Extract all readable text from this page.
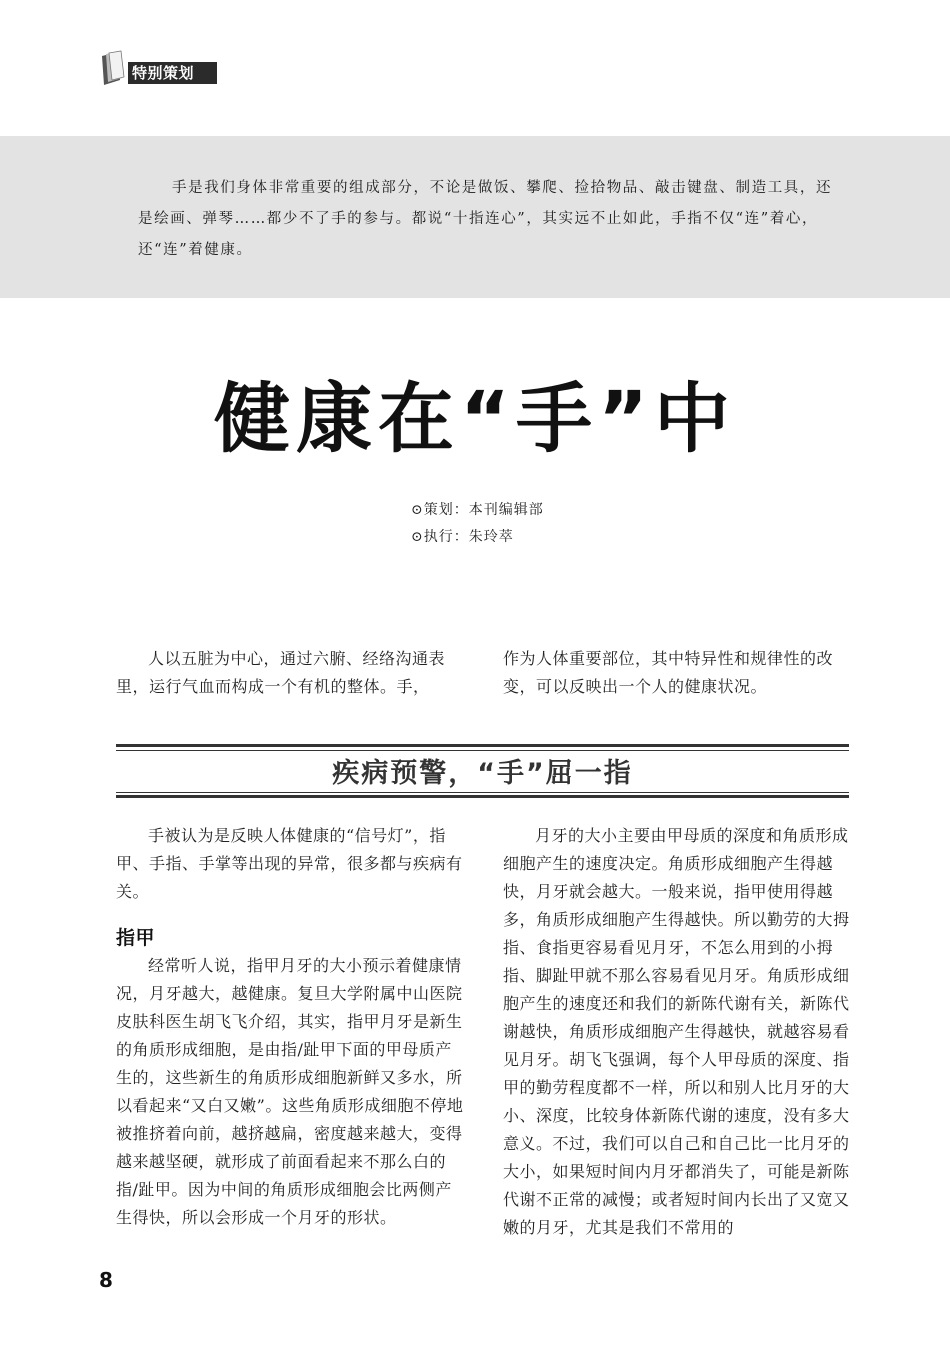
特别策划

手是我们身体非常重要的组成部分，不论是做饭、攀爬、捡拾物品、敲击键盘、制造工具，还是绘画、弹琴……都少不了手的参与。都说“十指连心”，其实远不止如此，手指不仅“连”着心，还“连”着健康。

健康在“手”中
⊙策划：本刊编辑部
⊙执行：朱玲萃

人以五脏为中心，通过六腑、经络沟通表里，运行气血而构成一个有机的整体。手，

作为人体重要部位，其中特异性和规律性的改变，可以反映出一个人的健康状况。

疾病预警，“手”屈一指

手被认为是反映人体健康的“信号灯”，指甲、手指、手掌等出现的异常，很多都与疾病有关。

指甲

经常听人说，指甲月牙的大小预示着健康情况，月牙越大，越健康。复旦大学附属中山医院皮肤科医生胡飞飞介绍，其实，指甲月牙是新生的角质形成细胞，是由指/趾甲下面的甲母质产生的，这些新生的角质形成细胞新鲜又多水，所以看起来“又白又嫩”。这些角质形成细胞不停地被推挤着向前，越挤越扁，密度越来越大，变得越来越坚硬，就形成了前面看起来不那么白的指/趾甲。因为中间的角质形成细胞会比两侧产生得快，所以会形成一个月牙的形状。

月牙的大小主要由甲母质的深度和角质形成细胞产生的速度决定。角质形成细胞产生得越快，月牙就会越大。一般来说，指甲使用得越多，角质形成细胞产生得越快。所以勤劳的大拇指、食指更容易看见月牙，不怎么用到的小拇指、脚趾甲就不那么容易看见月牙。角质形成细胞产生的速度还和我们的新陈代谢有关，新陈代谢越快，角质形成细胞产生得越快，就越容易看见月牙。胡飞飞强调，每个人甲母质的深度、指甲的勤劳程度都不一样，所以和别人比月牙的大小、深度，比较身体新陈代谢的速度，没有多大意义。不过，我们可以自己和自己比一比月牙的大小，如果短时间内月牙都消失了，可能是新陈代谢不正常的减慢；或者短时间内长出了又宽又嫩的月牙，尤其是我们不常用的

8
